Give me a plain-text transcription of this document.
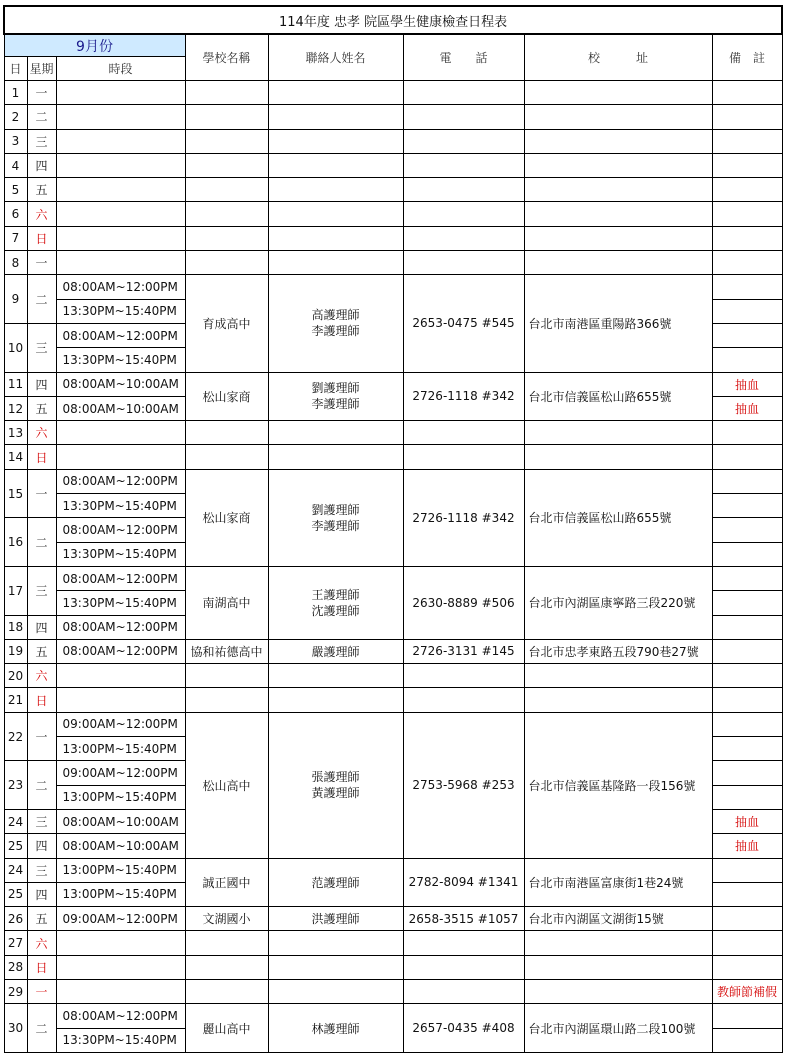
114年度 忠孝 院區學生健康檢查日程表							
9月份			學校名稱	聯絡人姓名	電　　話	校　　　址	備　註
日	星期	時段					
1	一						
2	二						
3	三						
4	四						
5	五						
6	六						
7	日						
8	一						
9	二	08:00AM~12:00PM	育成高中	高護理師 李護理師	2653-0475 #545	台北市南港區重陽路366號	
		13:30PM~15:40PM					
10	三	08:00AM~12:00PM					
		13:30PM~15:40PM					
11	四	08:00AM~10:00AM	松山家商	劉護理師 李護理師	2726-1118 #342	台北市信義區松山路655號	抽血
12	五	08:00AM~10:00AM					抽血
13	六						
14	日						
15	一	08:00AM~12:00PM	松山家商	劉護理師 李護理師	2726-1118 #342	台北市信義區松山路655號	
		13:30PM~15:40PM					
16	二	08:00AM~12:00PM					
		13:30PM~15:40PM					
17	三	08:00AM~12:00PM	南湖高中	王護理師 沈護理師	2630-8889 #506	台北市內湖區康寧路三段220號	
		13:30PM~15:40PM					
18	四	08:00AM~12:00PM					
19	五	08:00AM~12:00PM	協和祐德高中	嚴護理師	2726-3131 #145	台北市忠孝東路五段790巷27號	
20	六						
21	日						
22	一	09:00AM~12:00PM	松山高中	張護理師 黃護理師	2753-5968 #253	台北市信義區基隆路一段156號	
		13:00PM~15:40PM					
23	二	09:00AM~12:00PM					
		13:00PM~15:40PM					
24	三	08:00AM~10:00AM					抽血
25	四	08:00AM~10:00AM					抽血
24	三	13:00PM~15:40PM	誠正國中	范護理師	2782-8094 #1341	台北市南港區富康街1巷24號	
25	四	13:00PM~15:40PM					
26	五	09:00AM~12:00PM	文湖國小	洪護理師	2658-3515 #1057	台北市內湖區文湖街15號	
27	六						
28	日						
29	一						教師節補假
30	二	08:00AM~12:00PM	麗山高中	林護理師	2657-0435 #408	台北市內湖區環山路二段100號	
		13:30PM~15:40PM					
